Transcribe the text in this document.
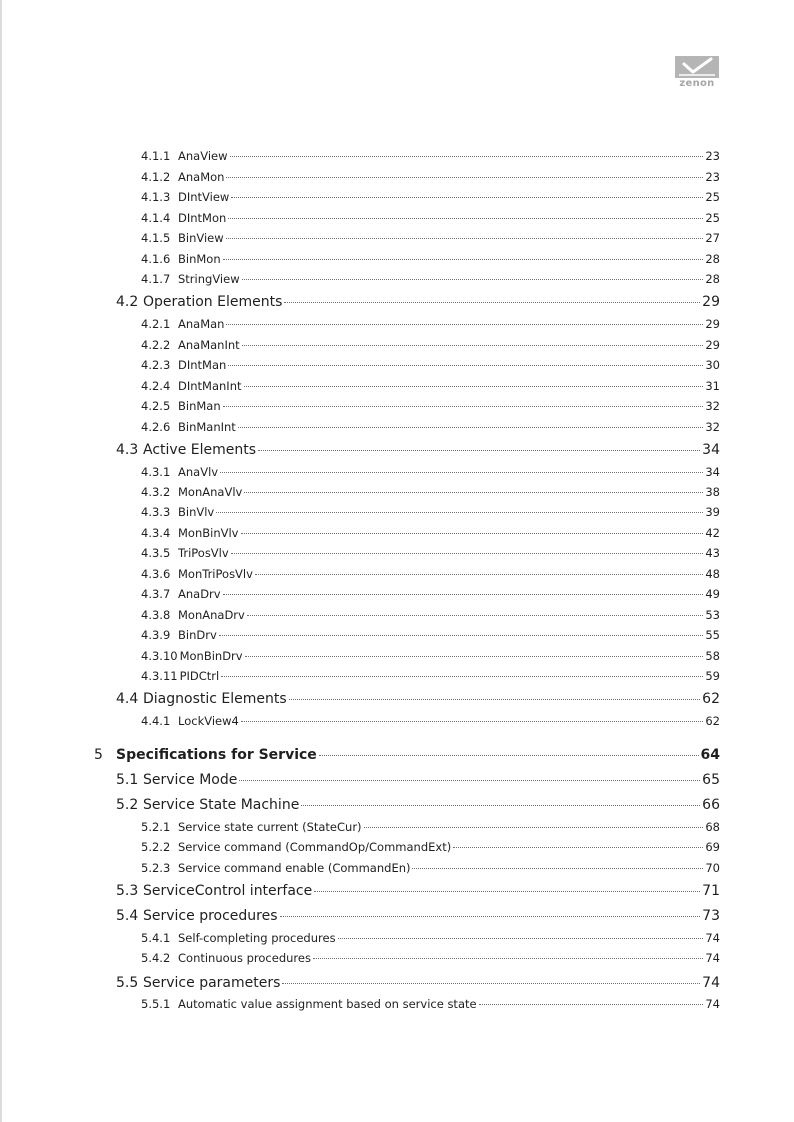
zenon
4.1.1 AnaView	23
4.1.2 AnaMon	23
4.1.3 DIntView	25
4.1.4 DIntMon	25
4.1.5 BinView	27
4.1.6 BinMon	28
4.1.7 StringView	28
4.2 Operation Elements	29
4.2.1 AnaMan	29
4.2.2 AnaManInt	29
4.2.3 DIntMan	30
4.2.4 DIntManInt	31
4.2.5 BinMan	32
4.2.6 BinManInt	32
4.3 Active Elements	34
4.3.1 AnaVlv	34
4.3.2 MonAnaVlv	38
4.3.3 BinVlv	39
4.3.4 MonBinVlv	42
4.3.5 TriPosVlv	43
4.3.6 MonTriPosVlv	48
4.3.7 AnaDrv	49
4.3.8 MonAnaDrv	53
4.3.9 BinDrv	55
4.3.10 MonBinDrv	58
4.3.11 PIDCtrl	59
4.4 Diagnostic Elements	62
4.4.1 LockView4	62
5 Specifications for Service	64
5.1 Service Mode	65
5.2 Service State Machine	66
5.2.1 Service state current (StateCur)	68
5.2.2 Service command (CommandOp/CommandExt)	69
5.2.3 Service command enable (CommandEn)	70
5.3 ServiceControl interface	71
5.4 Service procedures	73
5.4.1 Self-completing procedures	74
5.4.2 Continuous procedures	74
5.5 Service parameters	74
5.5.1 Automatic value assignment based on service state	74
